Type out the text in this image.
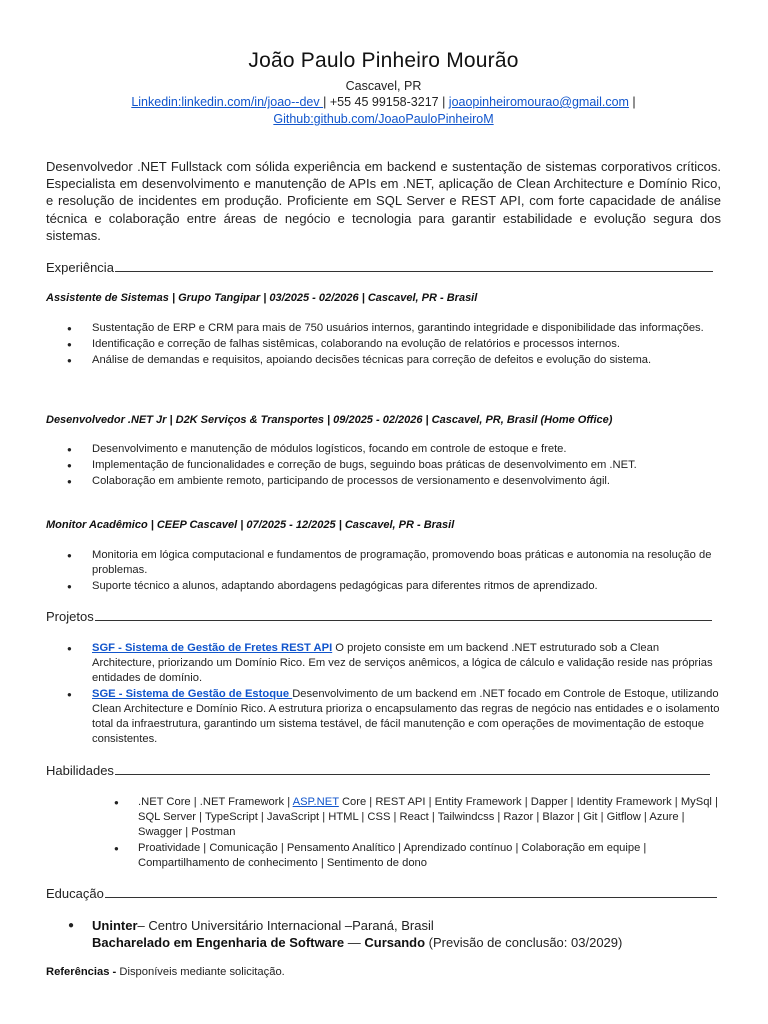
João Paulo Pinheiro Mourão
Cascavel, PR
Linkedin:linkedin.com/in/joao--dev | +55 45 99158-3217 | joaopinheiromourao@gmail.com |
Github:github.com/JoaoPauloPinheiroM
Desenvolvedor .NET Fullstack com sólida experiência em backend e sustentação de sistemas corporativos críticos. Especialista em desenvolvimento e manutenção de APIs em .NET, aplicação de Clean Architecture e Domínio Rico, e resolução de incidentes em produção. Proficiente em SQL Server e REST API, com forte capacidade de análise técnica e colaboração entre áreas de negócio e tecnologia para garantir estabilidade e evolução segura dos sistemas.
Experiência
Assistente de Sistemas | Grupo Tangipar | 03/2025 - 02/2026 | Cascavel, PR - Brasil
● Sustentação de ERP e CRM para mais de 750 usuários internos, garantindo integridade e disponibilidade das informações.
● Identificação e correção de falhas sistêmicas, colaborando na evolução de relatórios e processos internos.
● Análise de demandas e requisitos, apoiando decisões técnicas para correção de defeitos e evolução do sistema.
Desenvolvedor .NET Jr | D2K Serviços & Transportes | 09/2025 - 02/2026 | Cascavel, PR, Brasil (Home Office)
● Desenvolvimento e manutenção de módulos logísticos, focando em controle de estoque e frete.
● Implementação de funcionalidades e correção de bugs, seguindo boas práticas de desenvolvimento em .NET.
● Colaboração em ambiente remoto, participando de processos de versionamento e desenvolvimento ágil.
Monitor Acadêmico | CEEP Cascavel | 07/2025 - 12/2025 | Cascavel, PR - Brasil
● Monitoria em lógica computacional e fundamentos de programação, promovendo boas práticas e autonomia na resolução de problemas.
● Suporte técnico a alunos, adaptando abordagens pedagógicas para diferentes ritmos de aprendizado.
Projetos
● SGF - Sistema de Gestão de Fretes REST API O projeto consiste em um backend .NET estruturado sob a Clean Architecture, priorizando um Domínio Rico. Em vez de serviços anêmicos, a lógica de cálculo e validação reside nas próprias entidades de domínio.
● SGE - Sistema de Gestão de Estoque Desenvolvimento de um backend em .NET focado em Controle de Estoque, utilizando Clean Architecture e Domínio Rico. A estrutura prioriza o encapsulamento das regras de negócio nas entidades e o isolamento total da infraestrutura, garantindo um sistema testável, de fácil manutenção e com operações de movimentação de estoque consistentes.
Habilidades
● .NET Core | .NET Framework | ASP.NET Core | REST API | Entity Framework | Dapper | Identity Framework | MySql | SQL Server | TypeScript | JavaScript | HTML | CSS | React | Tailwindcss | Razor | Blazor | Git | Gitflow | Azure | Swagger | Postman
● Proatividade | Comunicação | Pensamento Analítico | Aprendizado contínuo | Colaboração em equipe | Compartilhamento de conhecimento | Sentimento de dono
Educação
● Uninter– Centro Universitário Internacional –Paraná, Brasil
Bacharelado em Engenharia de Software — Cursando (Previsão de conclusão: 03/2029)
Referências - Disponíveis mediante solicitação.
